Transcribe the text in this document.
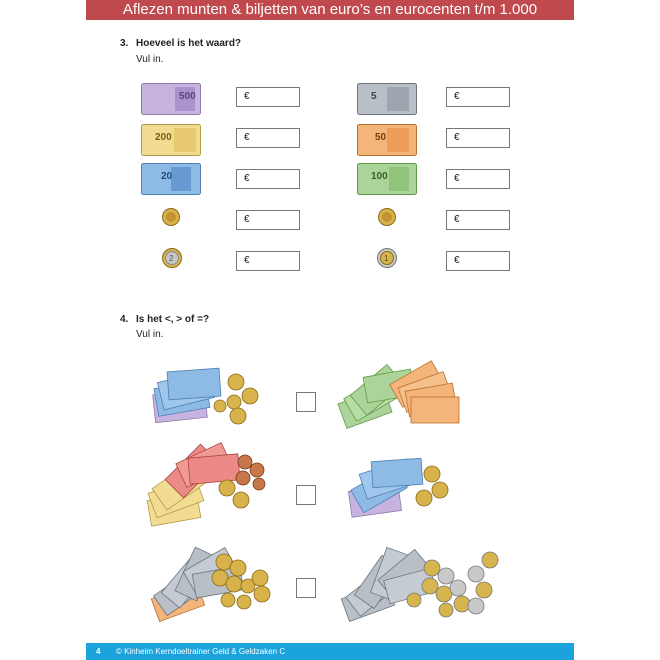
Aflezen munten & biljetten van euro’s en eurocenten t/m 1.000
3. Hoeveel is het waard?
Vul in.
500
200
20
2
5
50
100
1
€
€
€
€
€
€
€
€
€
€
4. Is het <, > of =?
Vul in.
4 © Kinheim Kerndoeltrainer Geld & Geldzaken C
